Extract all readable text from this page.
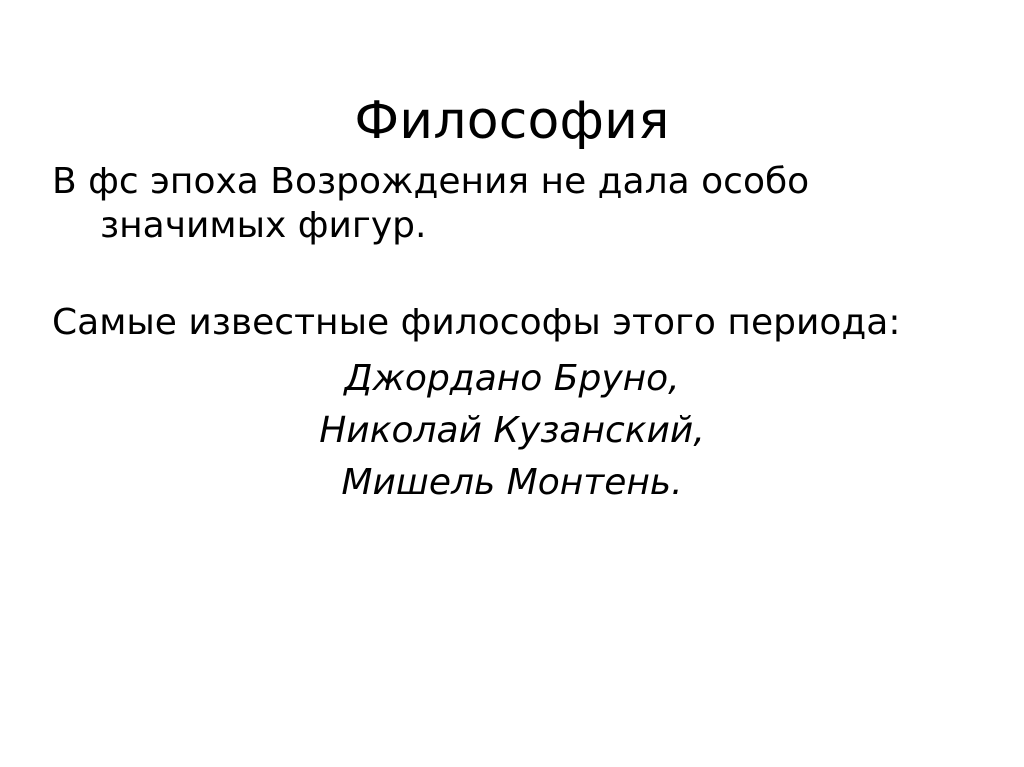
Философия

В фс эпоха Возрождения не дала особо значимых фигур.

Самые известные философы этого периода:

Джордано Бруно,

Николай Кузанский,

Мишель Монтень.
